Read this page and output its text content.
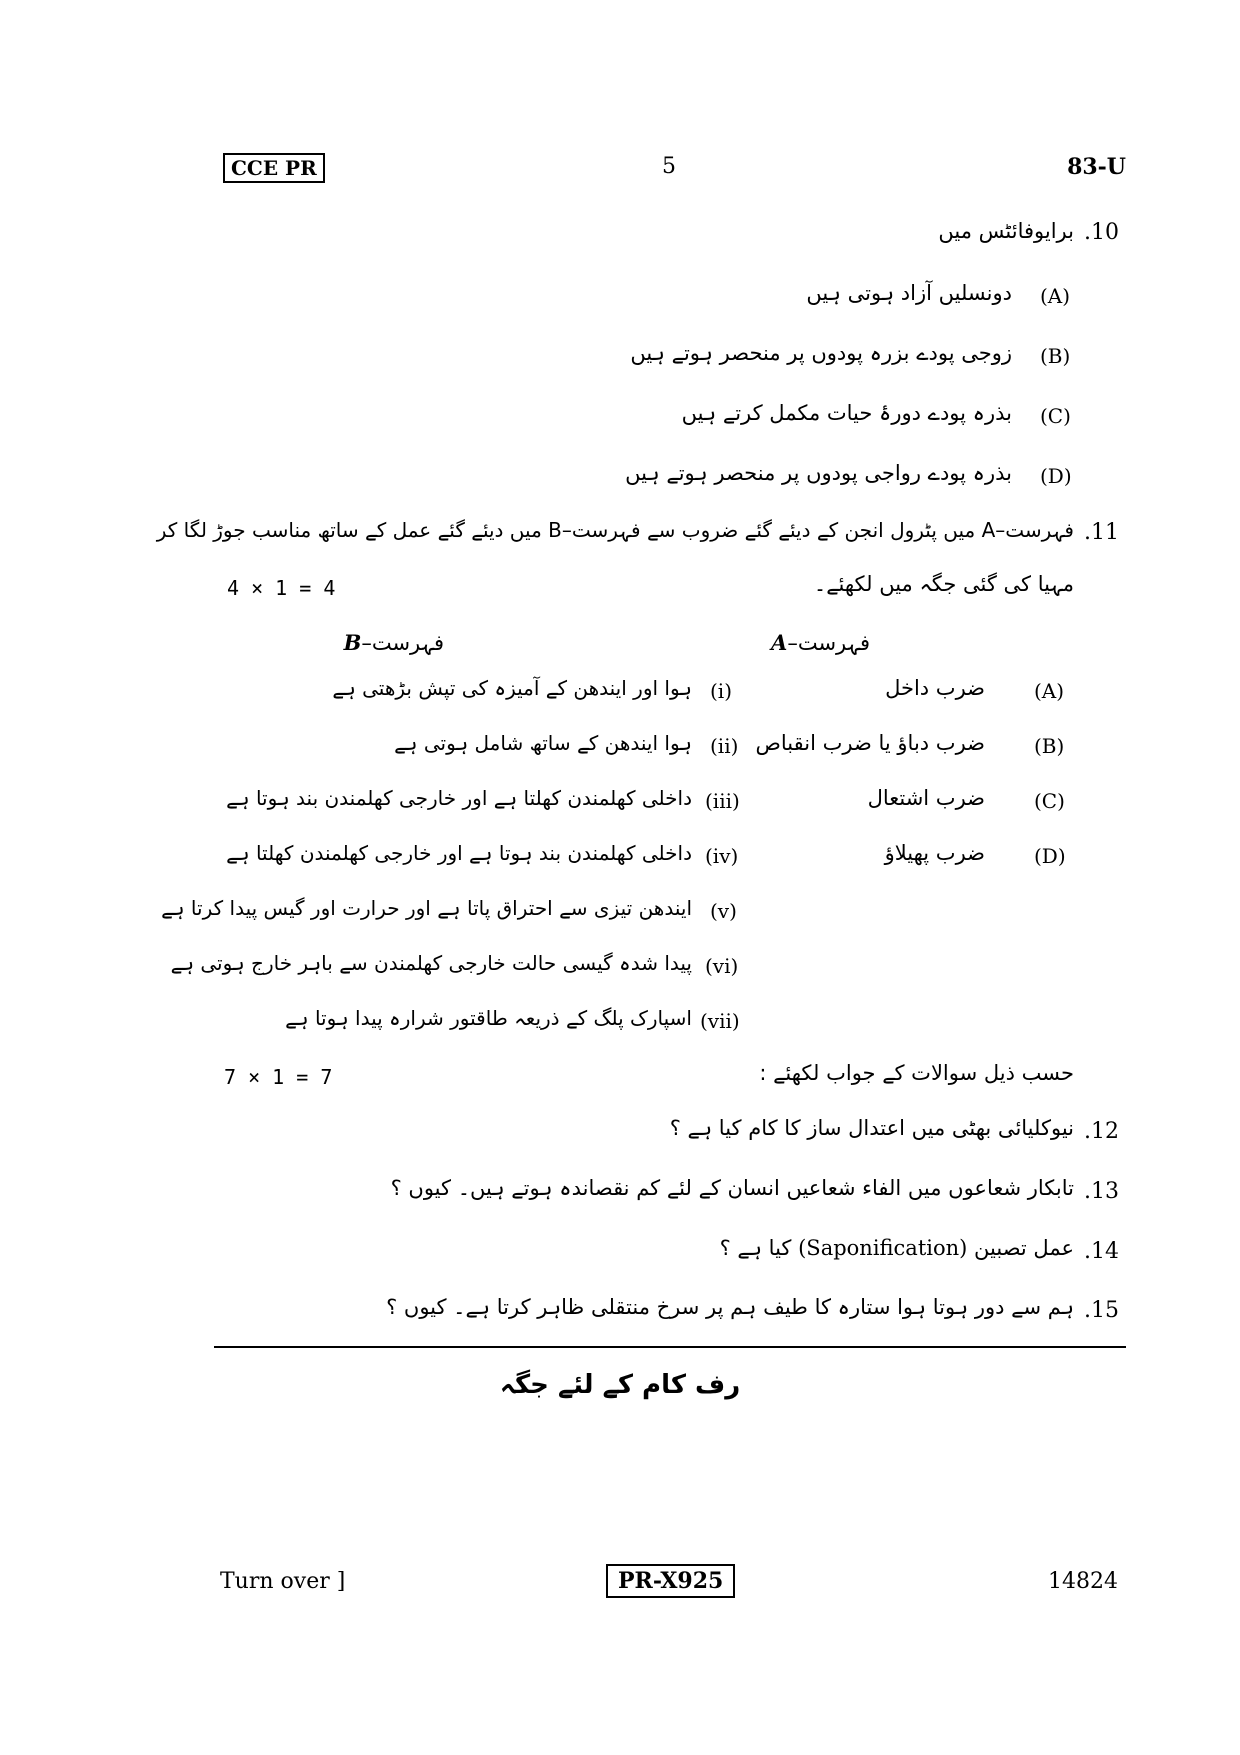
CCE PR	5	83-U
.10
برایوفائٹس میں
(A)
دونسلیں آزاد ہوتی ہیں
(B)
زوجی پودے بزرہ پودوں پر منحصر ہوتے ہیں
(C)
بذرہ پودے دورۂ حیات مکمل کرتے ہیں
(D)
بذرہ پودے رواجی پودوں پر منحصر ہوتے ہیں
.11
فہرست–A میں پٹرول انجن کے دیئے گئے ضروب سے فہرست–B میں دیئے گئے عمل کے ساتھ مناسب جوڑ لگا کر
مہیا کی گئی جگہ میں لکھئے۔
4 × 1 = 4
فہرست–A
فہرست–B
(A)
ضرب داخل
(B)
ضرب دباؤ یا ضرب انقباص
(C)
ضرب اشتعال
(D)
ضرب پھیلاؤ
(i)
ہوا اور ایندھن کے آمیزہ کی تپش بڑھتی ہے
(ii)
ہوا ایندھن کے ساتھ شامل ہوتی ہے
(iii)
داخلی کھلمندن کھلتا ہے اور خارجی کھلمندن بند ہوتا ہے
(iv)
داخلی کھلمندن بند ہوتا ہے اور خارجی کھلمندن کھلتا ہے
(v)
ایندھن تیزی سے احتراق پاتا ہے اور حرارت اور گیس پیدا کرتا ہے
(vi)
پیدا شدہ گیسی حالت خارجی کھلمندن سے باہر خارج ہوتی ہے
(vii)
اسپارک پلگ کے ذریعہ طاقتور شرارہ پیدا ہوتا ہے
حسب ذیل سوالات کے جواب لکھئے :
7 × 1 = 7
.12
نیوکلیائی بھٹی میں اعتدال ساز کا کام کیا ہے ؟
.13
تابکار شعاعوں میں الفاء شعاعیں انسان کے لئے کم نقصاندہ ہوتے ہیں۔ کیوں ؟
.14
عمل تصبین (Saponification) کیا ہے ؟
.15
ہم سے دور ہوتا ہوا ستارہ کا طیف ہم پر سرخ منتقلی ظاہر کرتا ہے۔ کیوں ؟
رف کام کے لئے جگہ
Turn over ]	PR-X925	14824
